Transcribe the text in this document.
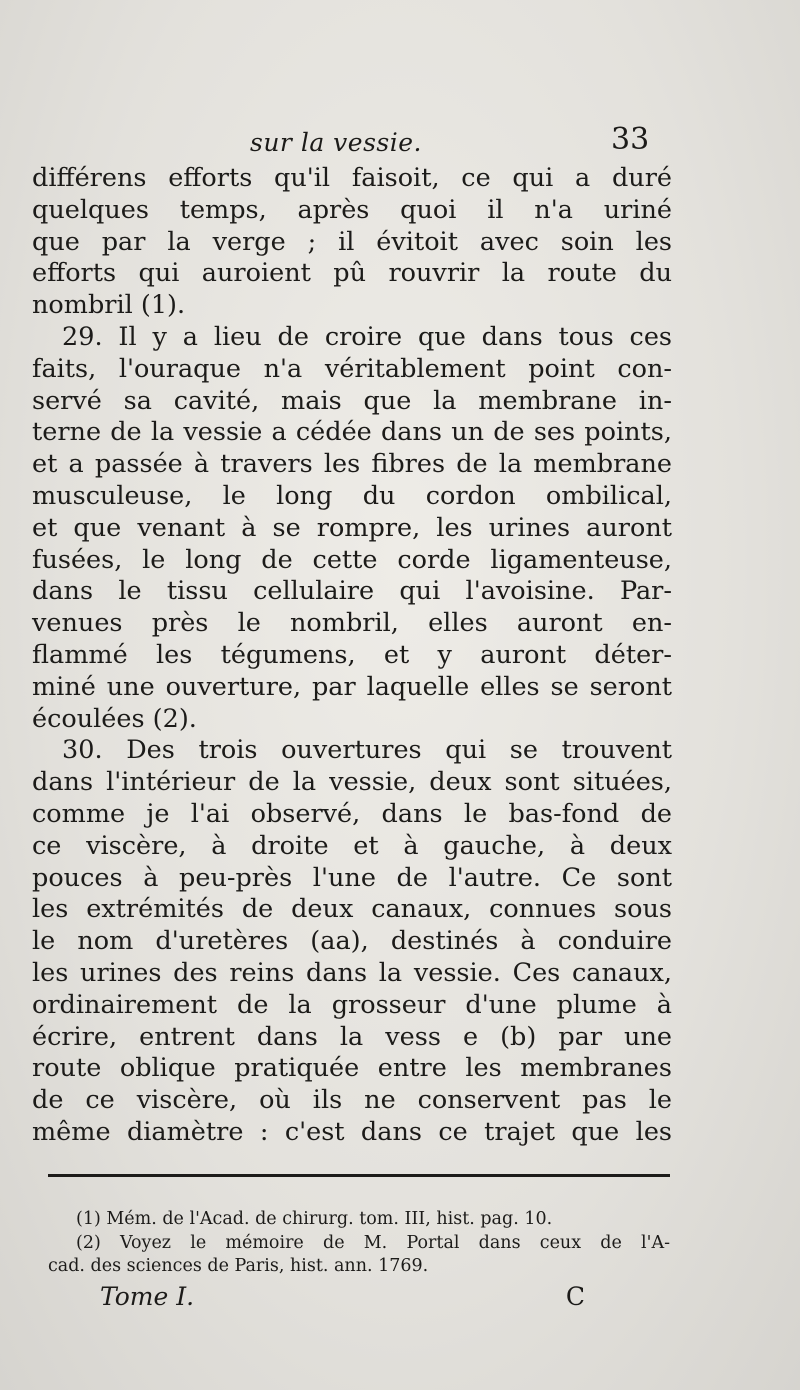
sur la vessie.	33
différens efforts qu'il faisoit, ce qui a duré
quelques temps, après quoi il n'a uriné
que par la verge ; il évitoit avec soin les
efforts qui auroient pû rouvrir la route du
nombril (1).
29. Il y a lieu de croire que dans tous ces
faits, l'ouraque n'a véritablement point con-
servé sa cavité, mais que la membrane in-
terne de la vessie a cédée dans un de ses points,
et a passée à travers les fibres de la membrane
musculeuse, le long du cordon ombilical,
et que venant à se rompre, les urines auront
fusées, le long de cette corde ligamenteuse,
dans le tissu cellulaire qui l'avoisine. Par-
venues près le nombril, elles auront en-
flammé les tégumens, et y auront déter-
miné une ouverture, par laquelle elles se seront
écoulées (2).
30. Des trois ouvertures qui se trouvent
dans l'intérieur de la vessie, deux sont situées,
comme je l'ai observé, dans le bas-fond de
ce viscère, à droite et à gauche, à deux
pouces à peu-près l'une de l'autre. Ce sont
les extrémités de deux canaux, connues sous
le nom d'uretères (aa), destinés à conduire
les urines des reins dans la vessie. Ces canaux,
ordinairement de la grosseur d'une plume à
écrire, entrent dans la vess e (b) par une
route oblique pratiquée entre les membranes
de ce viscère, où ils ne conservent pas le
même diamètre : c'est dans ce trajet que les
(1) Mém. de l'Acad. de chirurg. tom. III, hist. pag. 10.
(2) Voyez le mémoire de M. Portal dans ceux de l'A-
cad. des sciences de Paris, hist. ann. 1769.
Tome I.	C
